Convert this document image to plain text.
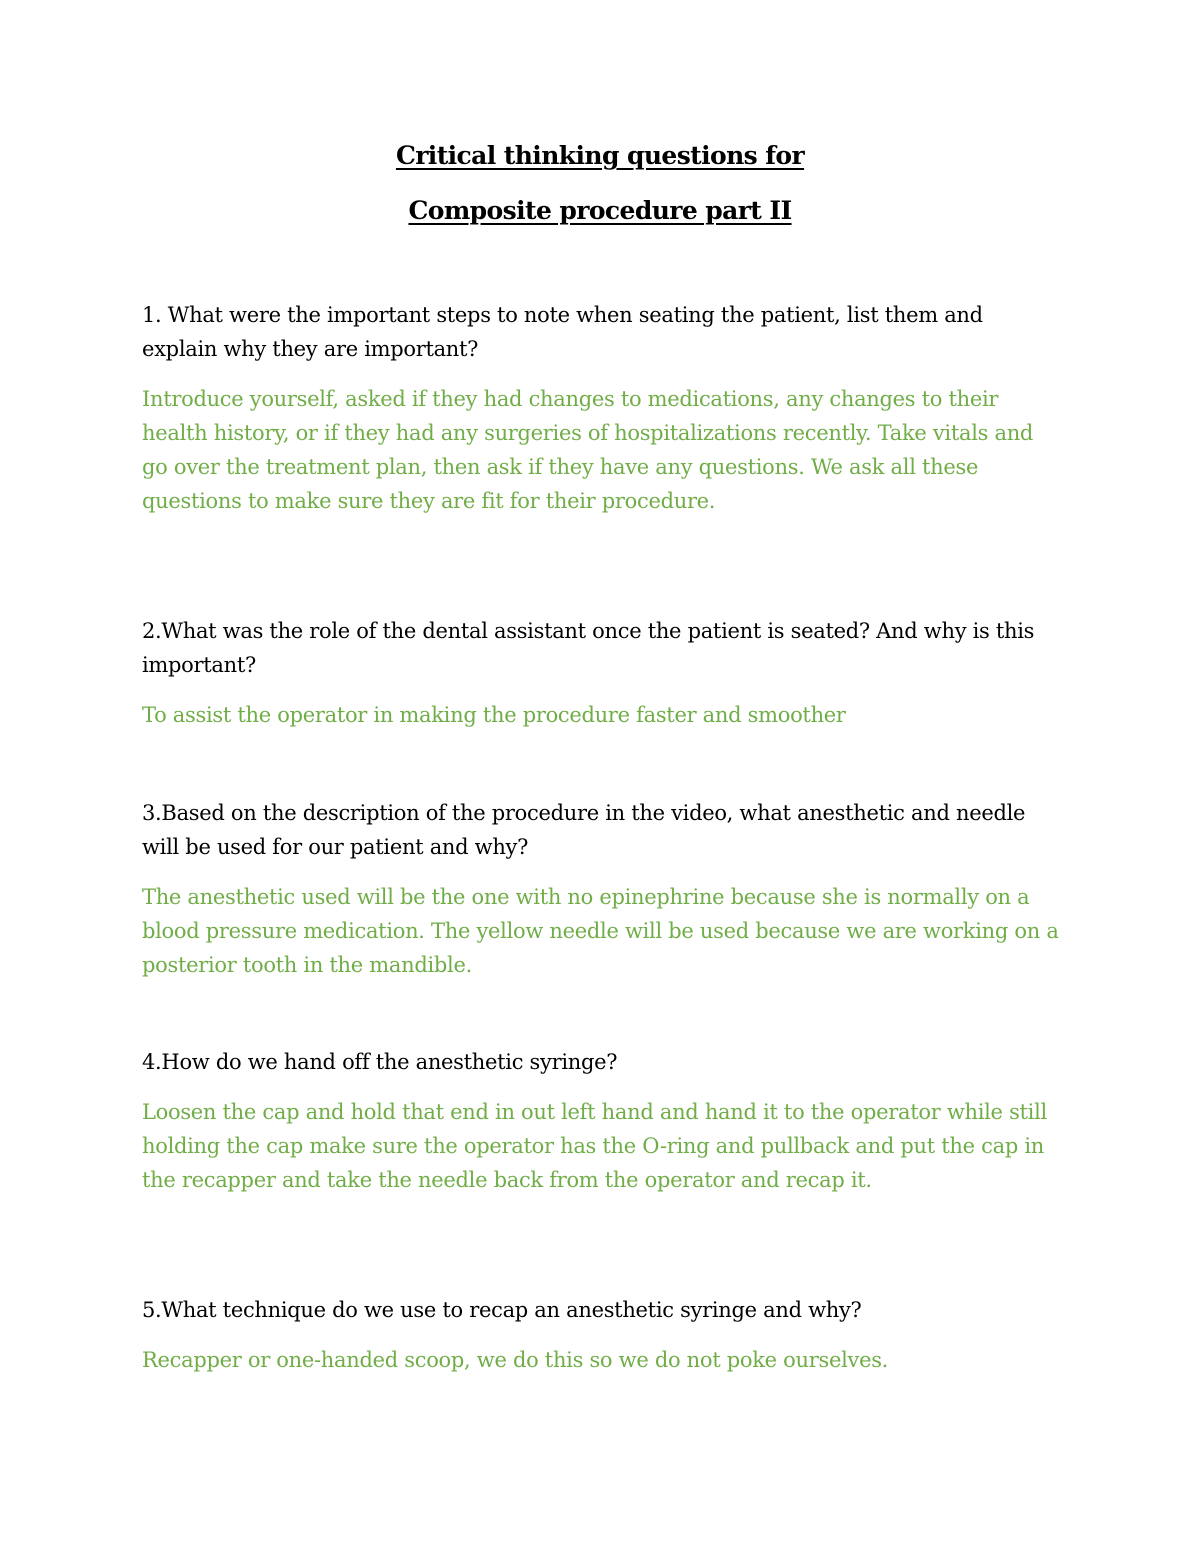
Critical thinking questions for
Composite procedure part II

1. What were the important steps to note when seating the patient, list them and explain why they are important?

Introduce yourself, asked if they had changes to medications, any changes to their health history, or if they had any surgeries of hospitalizations recently. Take vitals and go over the treatment plan, then ask if they have any questions. We ask all these questions to make sure they are fit for their procedure.

2.What was the role of the dental assistant once the patient is seated? And why is this important?

To assist the operator in making the procedure faster and smoother

3.Based on the description of the procedure in the video, what anesthetic and needle will be used for our patient and why?

The anesthetic used will be the one with no epinephrine because she is normally on a blood pressure medication. The yellow needle will be used because we are working on a posterior tooth in the mandible.

4.How do we hand off the anesthetic syringe?

Loosen the cap and hold that end in out left hand and hand it to the operator while still holding the cap make sure the operator has the O-ring and pullback and put the cap in the recapper and take the needle back from the operator and recap it.

5.What technique do we use to recap an anesthetic syringe and why?

Recapper or one-handed scoop, we do this so we do not poke ourselves.
